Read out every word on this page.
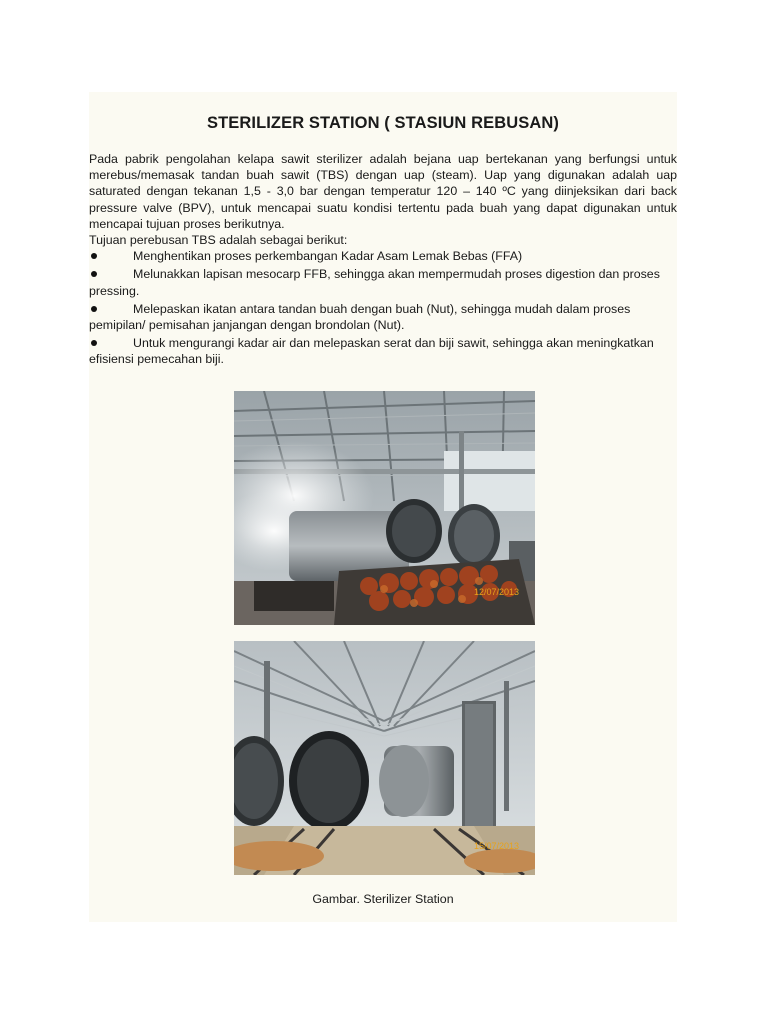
STERILIZER STATION ( STASIUN REBUSAN)

Pada pabrik pengolahan kelapa sawit sterilizer adalah bejana uap bertekanan yang berfungsi untuk merebus/memasak tandan buah sawit (TBS) dengan uap (steam). Uap yang digunakan adalah uap saturated dengan tekanan 1,5 - 3,0 bar dengan temperatur 120 – 140 ºC yang diinjeksikan dari back pressure valve (BPV), untuk mencapai suatu kondisi tertentu pada buah yang dapat digunakan untuk mencapai tujuan proses berikutnya.

Tujuan perebusan TBS adalah sebagai berikut:

Menghentikan proses perkembangan Kadar Asam Lemak Bebas (FFA)
Melunakkan lapisan mesocarp FFB, sehingga akan mempermudah proses digestion dan proses pressing.
Melepaskan ikatan antara tandan buah dengan buah (Nut), sehingga mudah dalam proses pemipilan/ pemisahan janjangan dengan brondolan (Nut).
Untuk mengurangi kadar air dan melepaskan serat dan biji sawit, sehingga akan meningkatkan efisiensi pemecahan biji.
12/07/2013
15/07/2013

Gambar. Sterilizer Station
